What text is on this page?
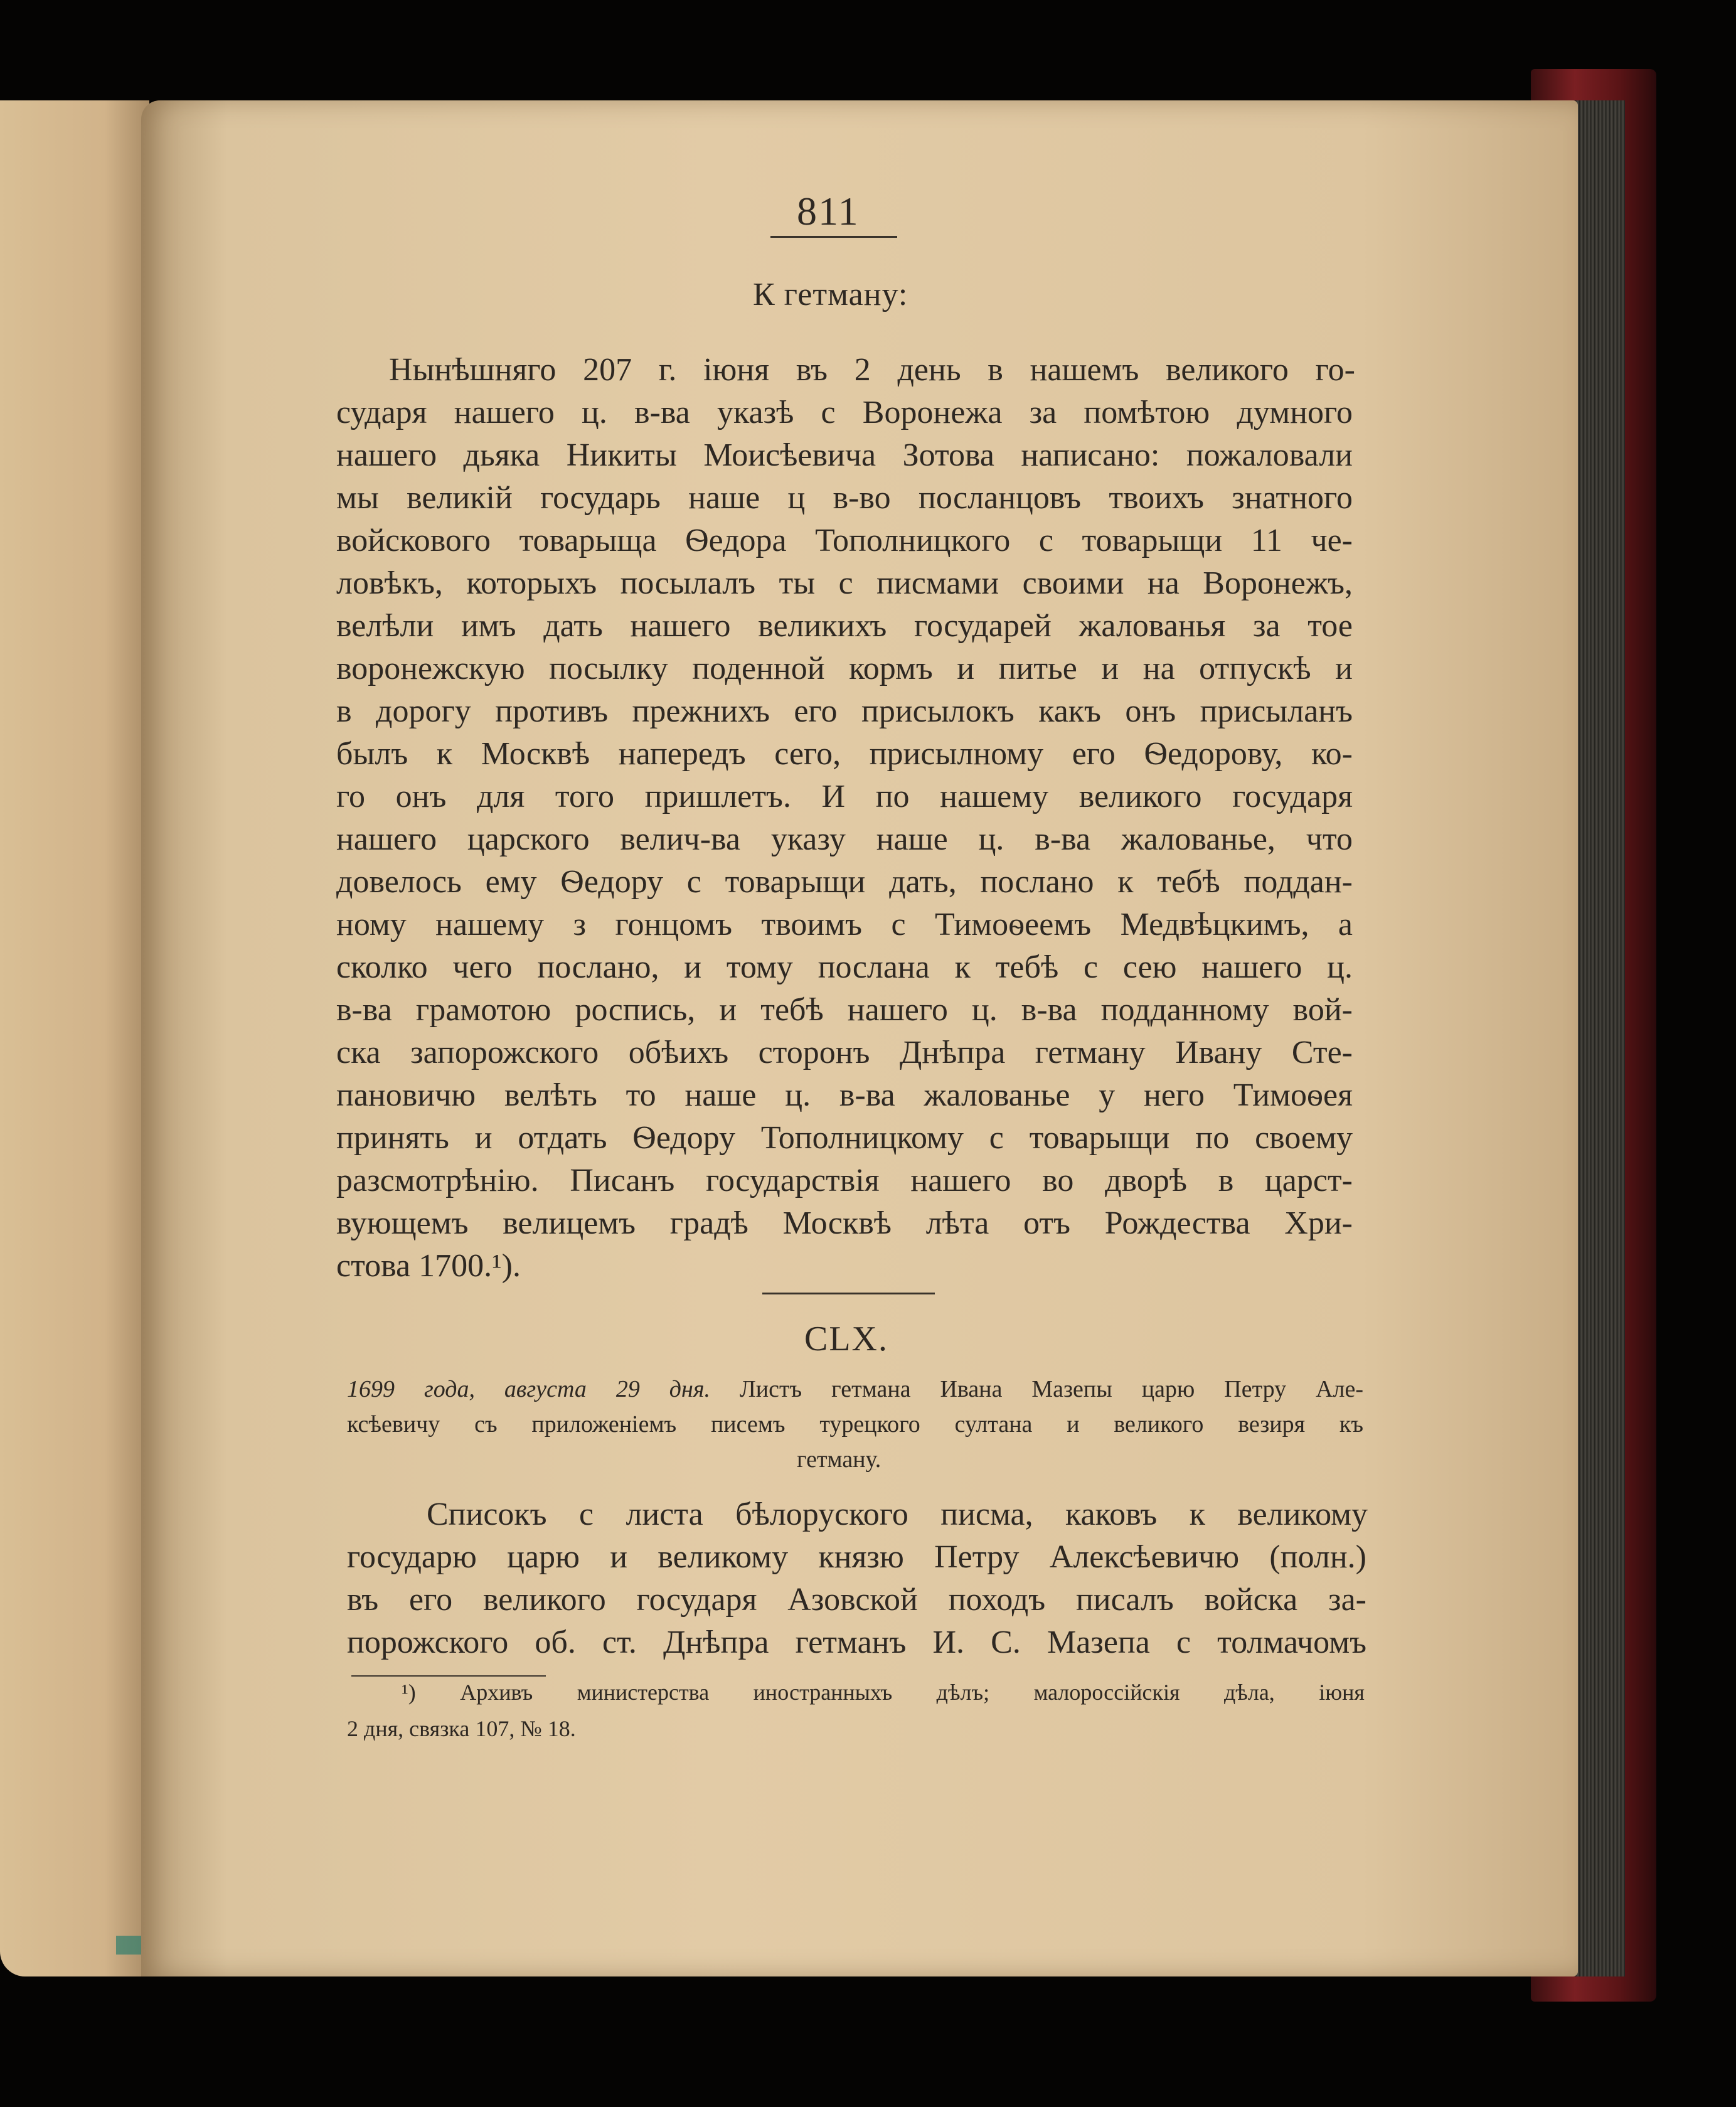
811
К гетману:
Нынѣшняго 207 г. іюня въ 2 день в нашемъ великого го-
сударя нашего ц. в-ва указѣ с Воронежа за помѣтою думного
нашего дьяка Никиты Моисѣевича Зотова написано: пожаловали
мы великій государь наше ц в-во посланцовъ твоихъ знатного
войскового товарыща Ѳедора Тополницкого с товарыщи 11 че-
ловѣкъ, которыхъ посылалъ ты с писмами своими на Воронежъ,
велѣли имъ дать нашего великихъ государей жалованья за тое
воронежскую посылку поденной кормъ и питье и на отпускѣ и
в дорогу противъ прежнихъ его присылокъ какъ онъ присыланъ
былъ к Москвѣ напередъ сего, присылному его Ѳедорову, ко-
го онъ для того пришлетъ. И по нашему великого государя
нашего царского велич-ва указу наше ц. в-ва жалованье, что
довелось ему Ѳедору с товарыщи дать, послано к тебѣ поддан-
ному нашему з гонцомъ твоимъ с Тимоѳеемъ Медвѣцкимъ, а
сколко чего послано, и тому послана к тебѣ с сею нашего ц.
в-ва грамотою роспись, и тебѣ нашего ц. в-ва подданному вой-
ска запорожского обѣихъ сторонъ Днѣпра гетману Ивану Сте-
пановичю велѣть то наше ц. в-ва жалованье у него Тимоѳея
принять и отдать Ѳедору Тополницкому с товарыщи по своему
разсмотрѣнію. Писанъ государствія нашего во дворѣ в царст-
вующемъ велицемъ градѣ Москвѣ лѣта отъ Рождества Хри-
стова 1700.¹).
CLX.
1699 года, августа 29 дня. Листъ гетмана Ивана Мазепы царю Петру Але-
ксѣевичу съ приложеніемъ писемъ турецкого султана и великого везиря къ
гетману.
Списокъ с листа бѣлоруского писма, каковъ к великому
государю царю и великому князю Петру Алексѣевичю (полн.)
въ его великого государя Азовской походъ писалъ войска за-
порожского об. ст. Днѣпра гетманъ И. С. Мазепа с толмачомъ
¹) Архивъ министерства иностранныхъ дѣлъ; малороссійскія дѣла, іюня
2 дня, связка 107, № 18.
